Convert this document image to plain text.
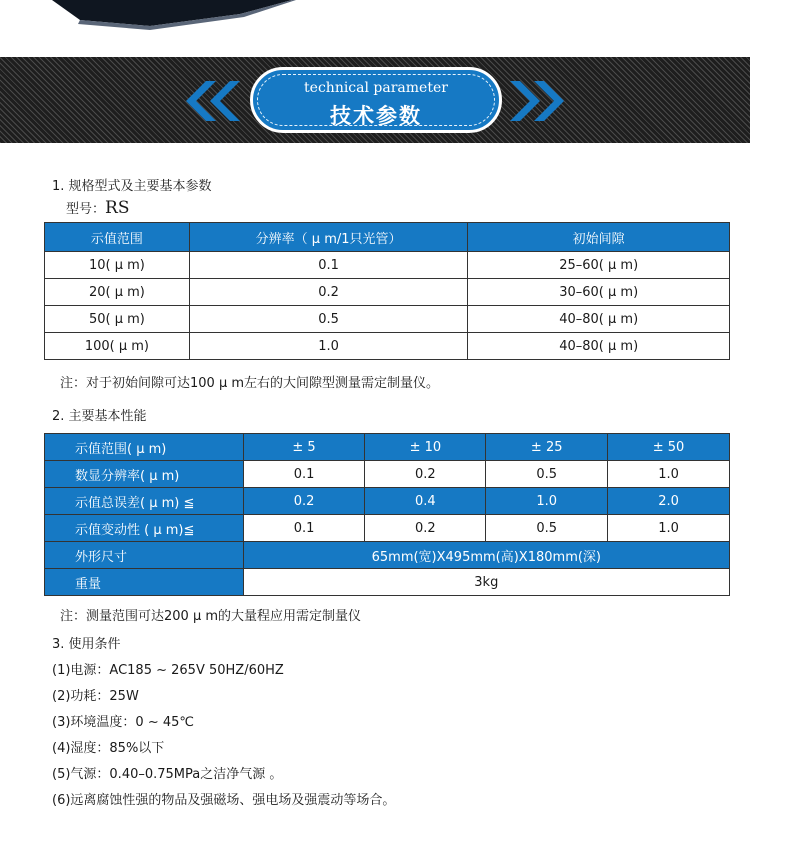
technical parameter
技术参数
1. 规格型式及主要基本参数
型号：RS
示值范围	分辨率（ μ m/1只光管）	初始间隙
10( μ m)	0.1	25–60( μ m)
20( μ m)	0.2	30–60( μ m)
50( μ m)	0.5	40–80( μ m)
100( μ m)	1.0	40–80( μ m)
注：对于初始间隙可达100 μ m左右的大间隙型测量需定制量仪。
2. 主要基本性能
示值范围( μ m)	± 5	± 10	± 25	± 50
数显分辨率( μ m)	0.1	0.2	0.5	1.0
示值总误差( μ m) ≦	0.2	0.4	1.0	2.0
示值变动性 ( μ m)≦	0.1	0.2	0.5	1.0
外形尺寸	65mm(宽)X495mm(高)X180mm(深)			
重量	3kg			
注：测量范围可达200 μ m的大量程应用需定制量仪
3. 使用条件
(1)电源：AC185 ~ 265V 50HZ/60HZ
(2)功耗：25W
(3)环境温度：0 ~ 45℃
(4)湿度：85%以下
(5)气源：0.40–0.75MPa之洁净气源 。
(6)远离腐蚀性强的物品及强磁场、强电场及强震动等场合。
